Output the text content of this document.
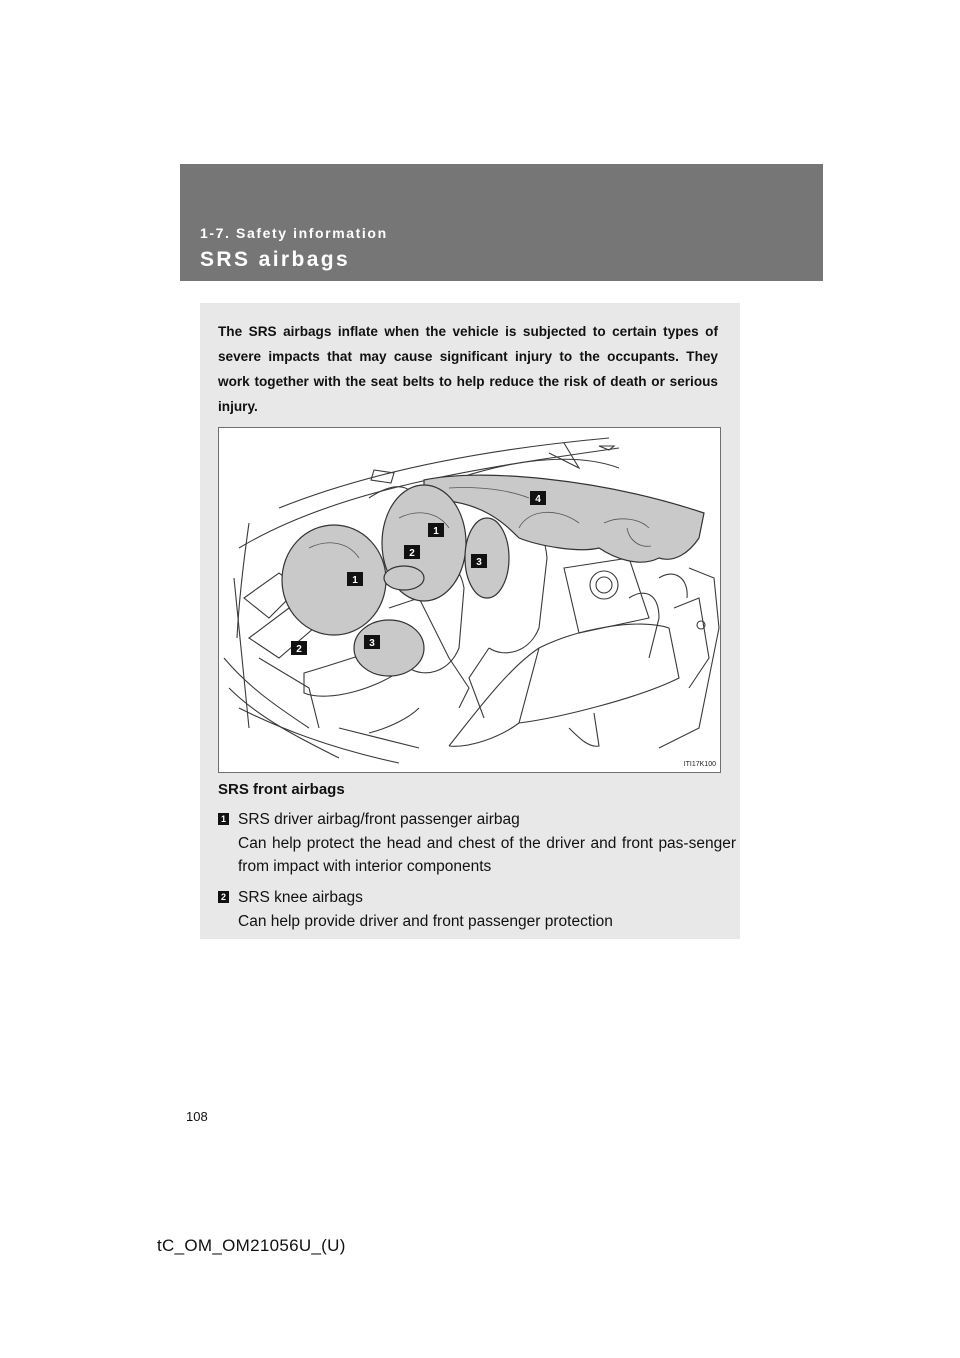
1-7. Safety information
SRS airbags
The SRS airbags inflate when the vehicle is subjected to certain types of severe impacts that may cause significant injury to the occupants. They work together with the seat belts to help reduce the risk of death or serious injury.
1
1
2
2
3
3
4
ITI17K100
SRS front airbags
1 SRS driver airbag/front passenger airbag
Can help protect the head and chest of the driver and front pas-senger from impact with interior components
2 SRS knee airbags
Can help provide driver and front passenger protection
108
tC_OM_OM21056U_(U)
